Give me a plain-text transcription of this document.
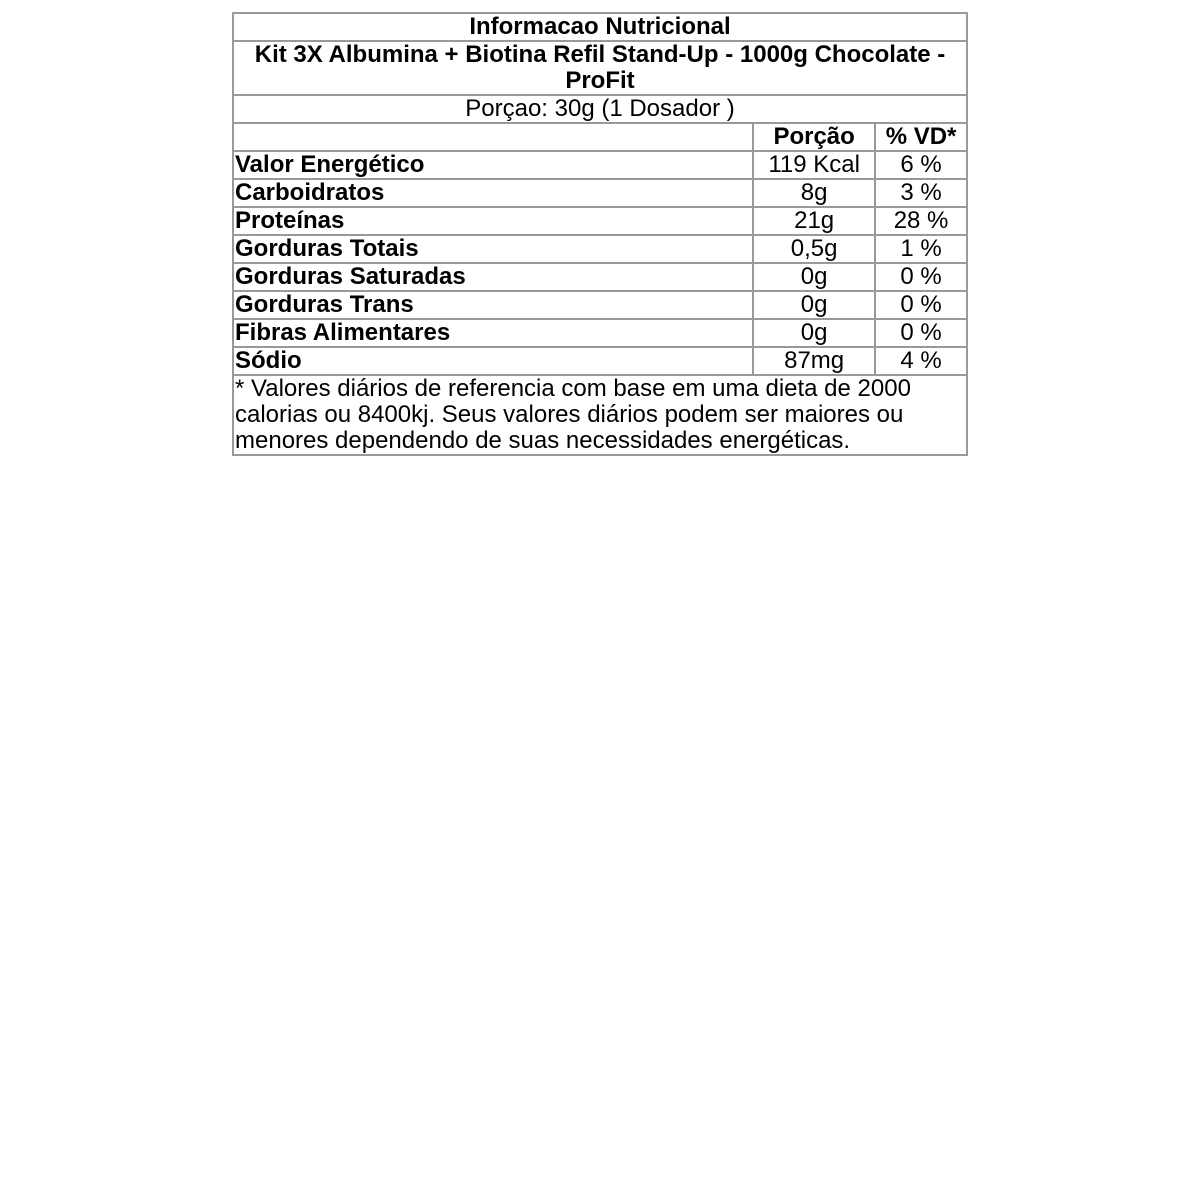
Informacao Nutricional		
Kit 3X Albumina + Biotina Refil Stand-Up - 1000g Chocolate - ProFit		
Porçao: 30g (1 Dosador )		
	Porção	% VD*
Valor Energético	119 Kcal	6 %
Carboidratos	8g	3 %
Proteínas	21g	28 %
Gorduras Totais	0,5g	1 %
Gorduras Saturadas	0g	0 %
Gorduras Trans	0g	0 %
Fibras Alimentares	0g	0 %
Sódio	87mg	4 %
* Valores diários de referencia com base em uma dieta de 2000 calorias ou 8400kj. Seus valores diários podem ser maiores ou menores dependendo de suas necessidades energéticas.		
